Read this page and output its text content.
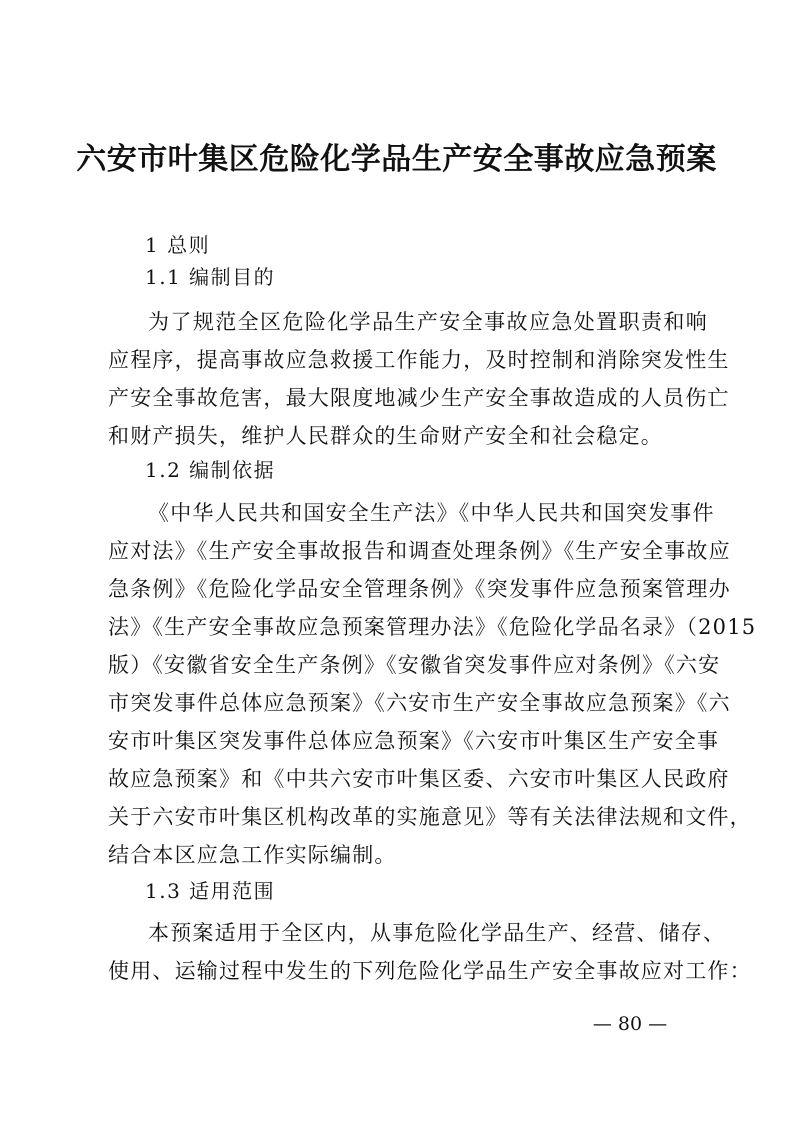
六安市叶集区危险化学品生产安全事故应急预案
1 总则
1.1 编制目的
为了规范全区危险化学品生产安全事故应急处置职责和响
应程序，提高事故应急救援工作能力，及时控制和消除突发性生
产安全事故危害，最大限度地减少生产安全事故造成的人员伤亡
和财产损失，维护人民群众的生命财产安全和社会稳定。
1.2 编制依据
《中华人民共和国安全生产法》《中华人民共和国突发事件
应对法》《生产安全事故报告和调查处理条例》《生产安全事故应
急条例》《危险化学品安全管理条例》《突发事件应急预案管理办
法》《生产安全事故应急预案管理办法》《危险化学品名录》（2015
版）《安徽省安全生产条例》《安徽省突发事件应对条例》《六安
市突发事件总体应急预案》《六安市生产安全事故应急预案》《六
安市叶集区突发事件总体应急预案》《六安市叶集区生产安全事
故应急预案》和《中共六安市叶集区委、六安市叶集区人民政府
关于六安市叶集区机构改革的实施意见》等有关法律法规和文件，
结合本区应急工作实际编制。
1.3 适用范围
本预案适用于全区内，从事危险化学品生产、经营、储存、
使用、运输过程中发生的下列危险化学品生产安全事故应对工作：
— 80 —
